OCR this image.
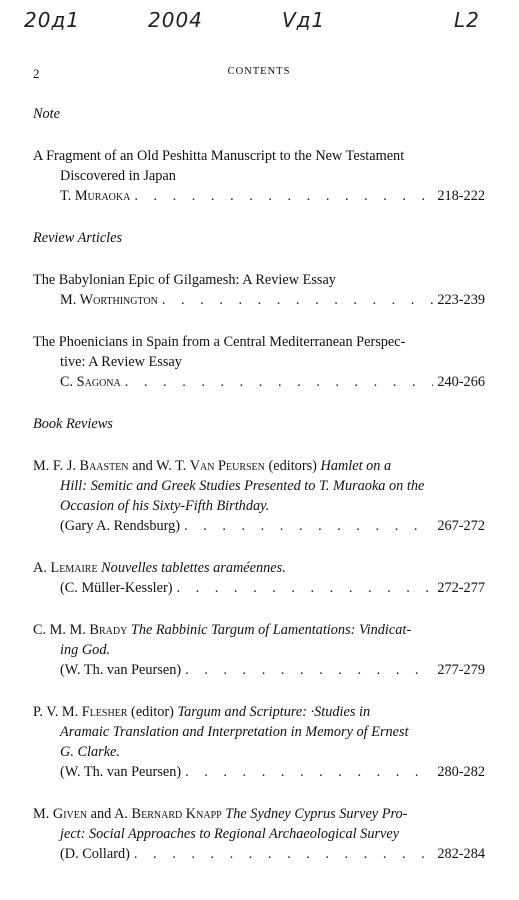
20д1	2004	Vд1	L2
2	CONTENTS

Note

A Fragment of an Old Peshitta Manuscript to the New Testament
Discovered in Japan
T. Muraoka . . .	218-222

Review Articles

The Babylonian Epic of Gilgamesh: A Review Essay
M. Worthington . . .	223-239
The Phoenicians in Spain from a Central Mediterranean Perspec-
tive: A Review Essay
C. Sagona . . .	240-266

Book Reviews

M. F. J. Baasten and W. T. Van Peursen (editors) Hamlet on a
Hill: Semitic and Greek Studies Presented to T. Muraoka on the
Occasion of his Sixty-Fifth Birthday.
(Gary A. Rendsburg) . . .	267-272
A. Lemaire Nouvelles tablettes araméennes.
(C. Müller-Kessler) . . .	272-277
C. M. M. Brady The Rabbinic Targum of Lamentations: Vindicat-
ing God.
(W. Th. van Peursen) . . .	277-279
P. V. M. Flesher (editor) Targum and Scripture: ·Studies in
Aramaic Translation and Interpretation in Memory of Ernest
G. Clarke.
(W. Th. van Peursen) . . .	280-282
M. Given and A. Bernard Knapp The Sydney Cyprus Survey Pro-
ject: Social Approaches to Regional Archaeological Survey
(D. Collard) . . .	282-284
